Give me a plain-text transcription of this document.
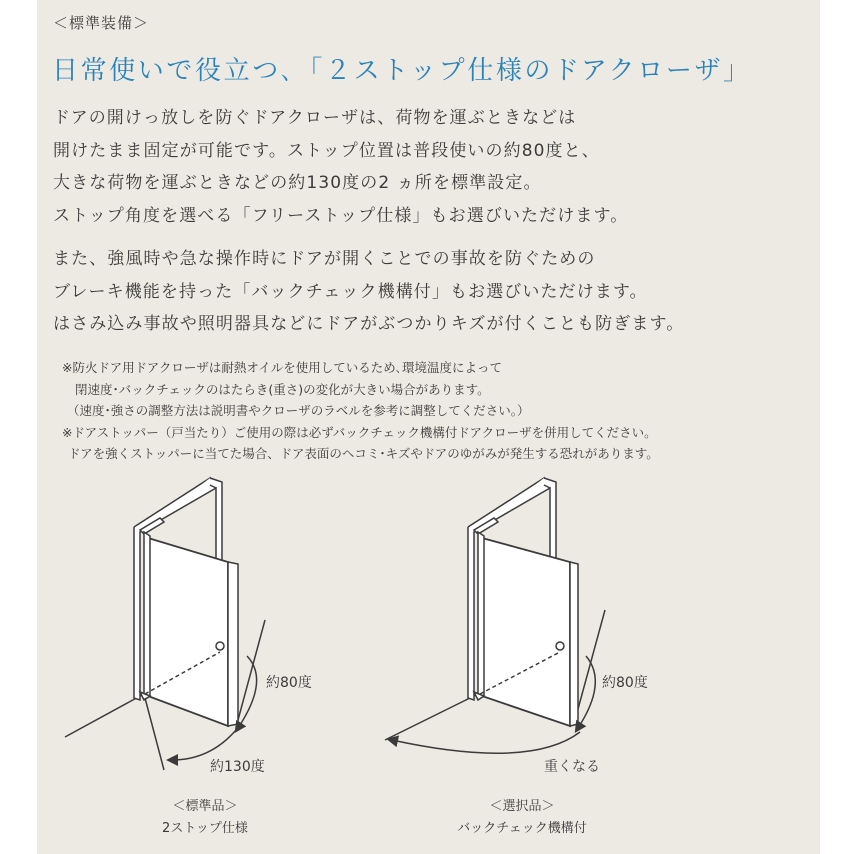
＜標準装備＞
日常使いで役立つ､「２ストップ仕様のドアクローザ」

ドアの開けっ放しを防ぐドアクローザは、荷物を運ぶときなどは

開けたまま固定が可能です。ストップ位置は普段使いの約80度と、

大きな荷物を運ぶときなどの約130度の2 ヵ所を標準設定。

ストップ角度を選べる「フリーストップ仕様」もお選びいただけます。

また、強風時や急な操作時にドアが開くことでの事故を防ぐための

ブレーキ機能を持った「バックチェック機構付」もお選びいただけます。

はさみ込み事故や照明器具などにドアがぶつかりキズが付くことも防ぎます。

※防火ドア用ドアクローザは耐熱オイルを使用しているため､環境温度によって

閉速度･バックチェックのはたらき(重さ)の変化が大きい場合があります。

（速度･強さの調整方法は説明書やクローザのラベルを参考に調整してください。）

※ドアストッパー（戸当たり）ご使用の際は必ずバックチェック機構付ドアクローザを併用してください。

ドアを強くストッパーに当てた場合、ドア表面のヘコミ･キズやドアのゆがみが発生する恐れがあります。

約80度
約130度
＜標準品＞
2ストップ仕様
約80度
重くなる
＜選択品＞
バックチェック機構付
